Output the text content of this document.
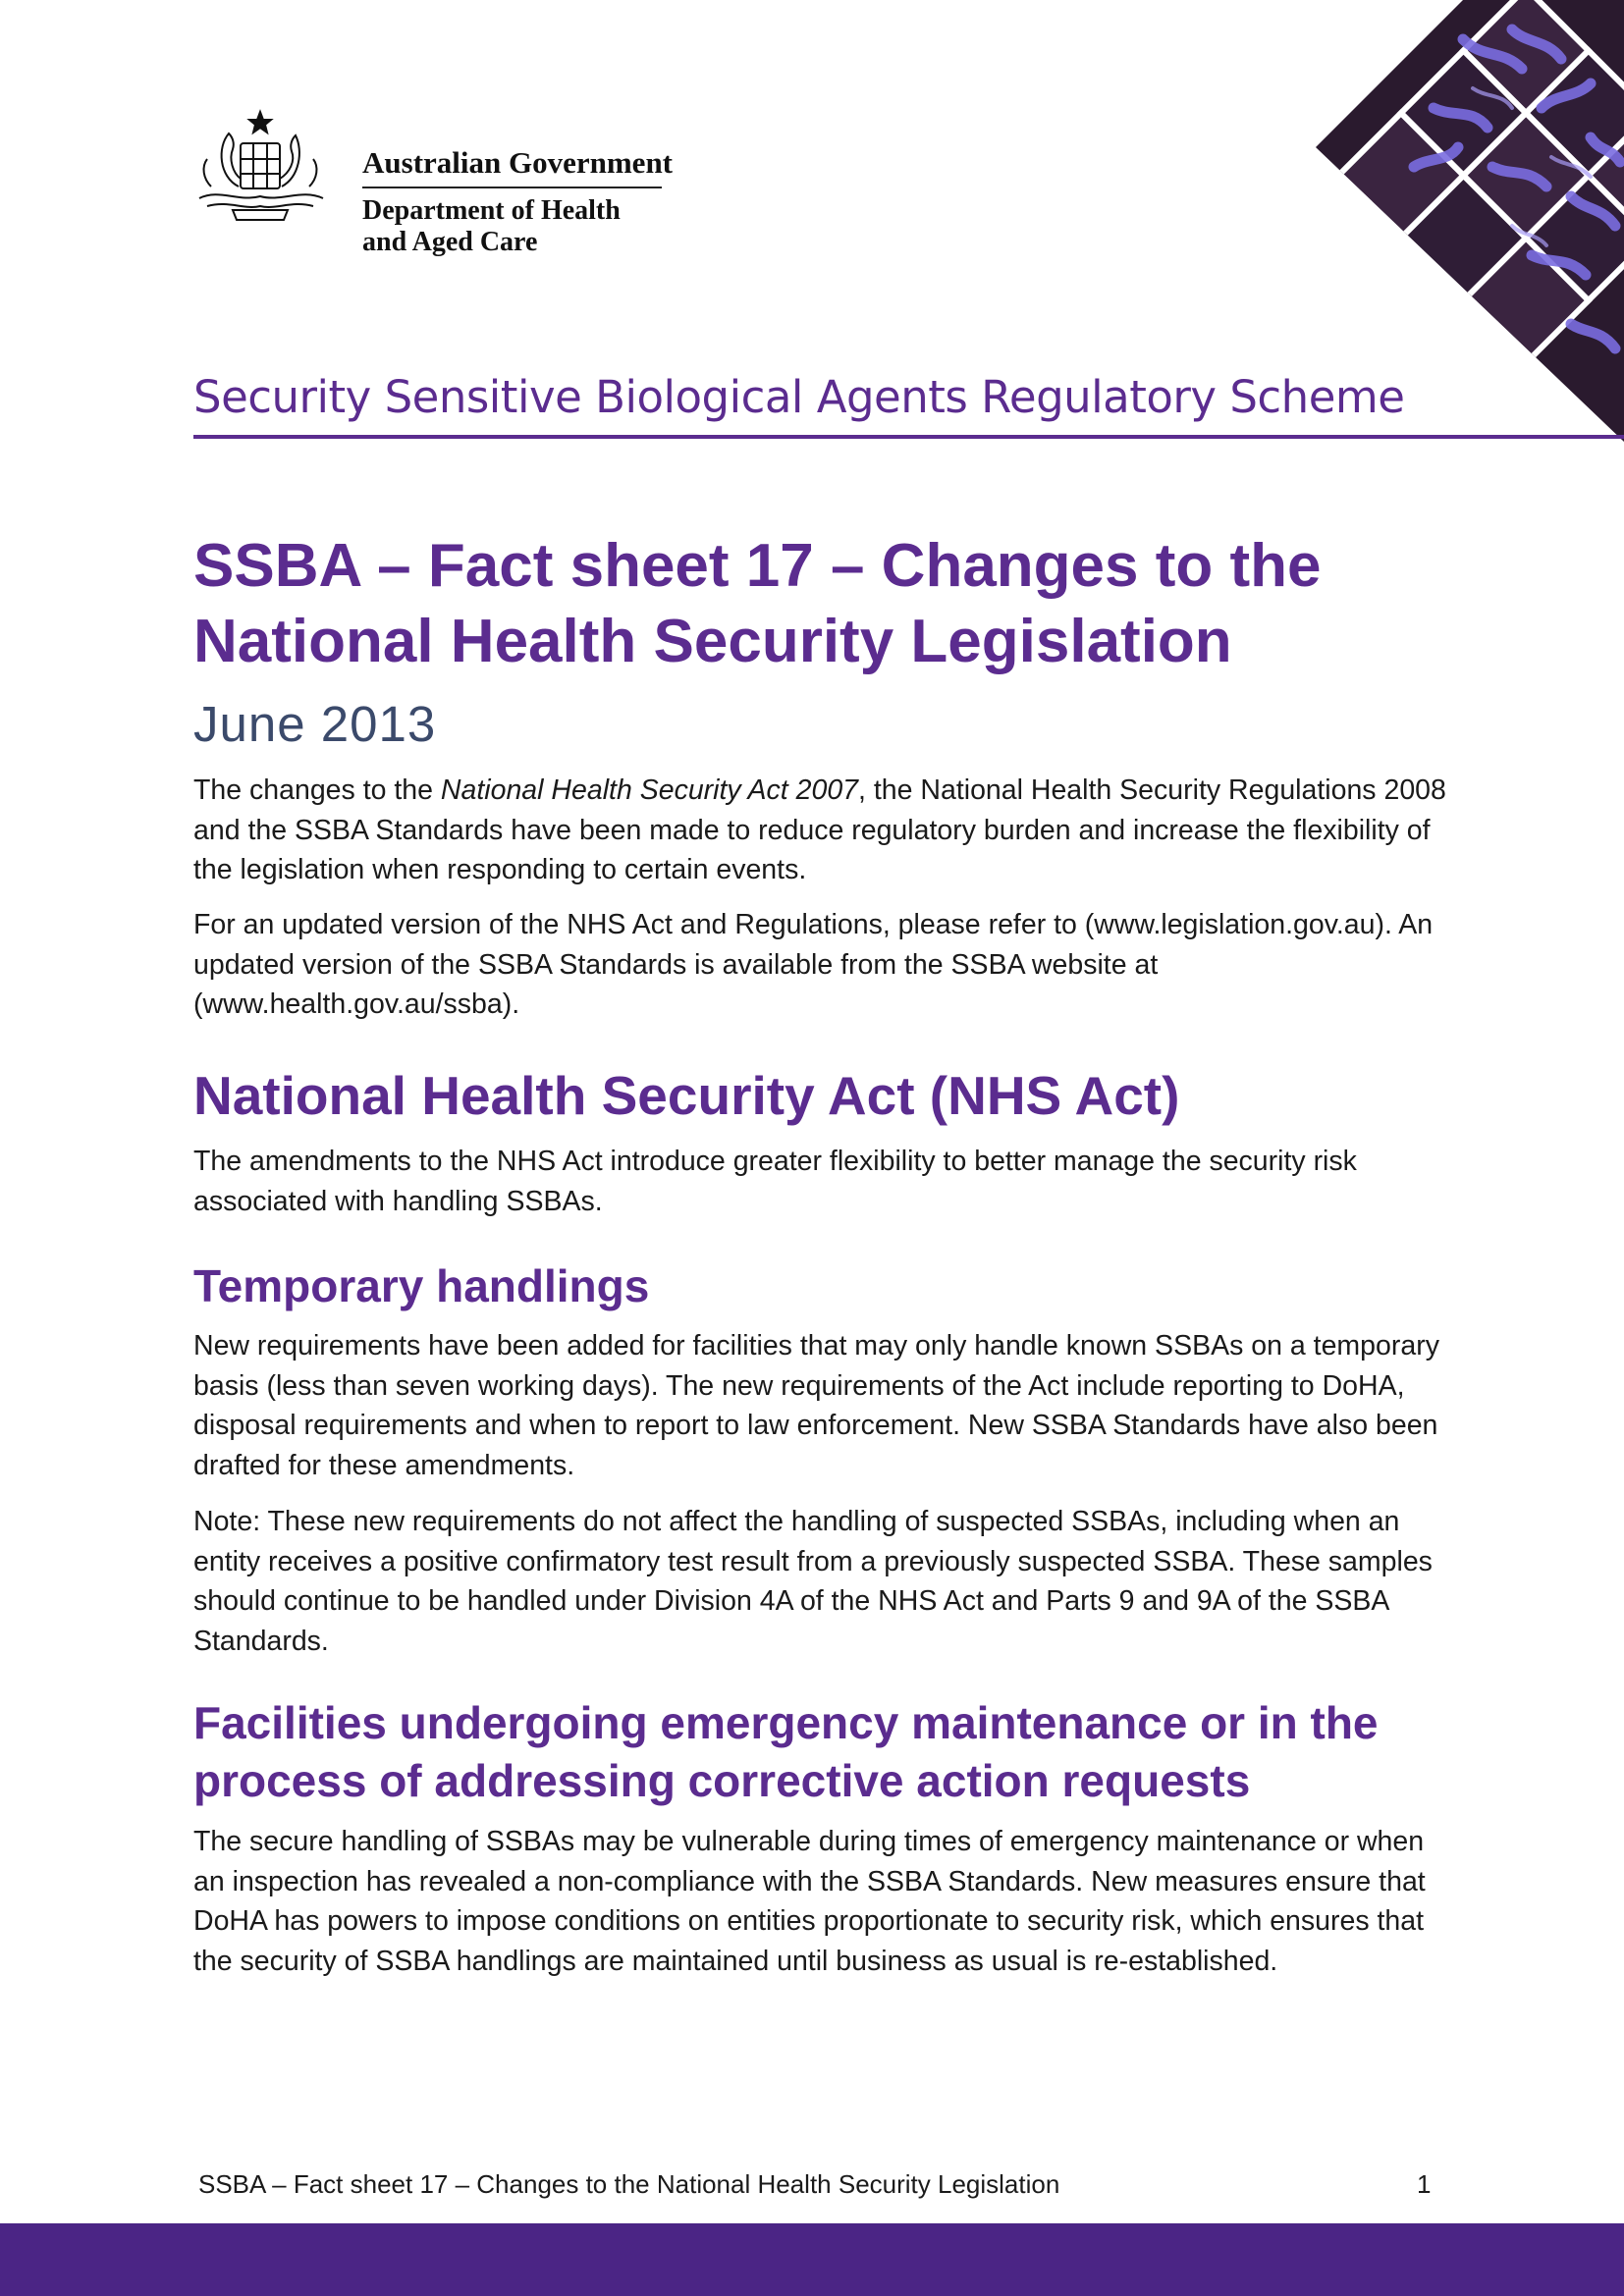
Australian Government
Department of Health
and Aged Care
Security Sensitive Biological Agents Regulatory Scheme
SSBA – Fact sheet 17 – Changes to the National Health Security Legislation
June 2013

The changes to the National Health Security Act 2007, the National Health Security Regulations 2008 and the SSBA Standards have been made to reduce regulatory burden and increase the flexibility of the legislation when responding to certain events.

For an updated version of the NHS Act and Regulations, please refer to (www.legislation.gov.au). An updated version of the SSBA Standards is available from the SSBA website at (www.health.gov.au/ssba).

National Health Security Act (NHS Act)

The amendments to the NHS Act introduce greater flexibility to better manage the security risk associated with handling SSBAs.

Temporary handlings

New requirements have been added for facilities that may only handle known SSBAs on a temporary basis (less than seven working days). The new requirements of the Act include reporting to DoHA, disposal requirements and when to report to law enforcement. New SSBA Standards have also been drafted for these amendments.

Note: These new requirements do not affect the handling of suspected SSBAs, including when an entity receives a positive confirmatory test result from a previously suspected SSBA. These samples should continue to be handled under Division 4A of the NHS Act and Parts 9 and 9A of the SSBA Standards.

Facilities undergoing emergency maintenance or in the process of addressing corrective action requests

The secure handling of SSBAs may be vulnerable during times of emergency maintenance or when an inspection has revealed a non-compliance with the SSBA Standards. New measures ensure that DoHA has powers to impose conditions on entities proportionate to security risk, which ensures that the security of SSBA handlings are maintained until business as usual is re-established.

SSBA – Fact sheet 17 – Changes to the National Health Security Legislation	1
